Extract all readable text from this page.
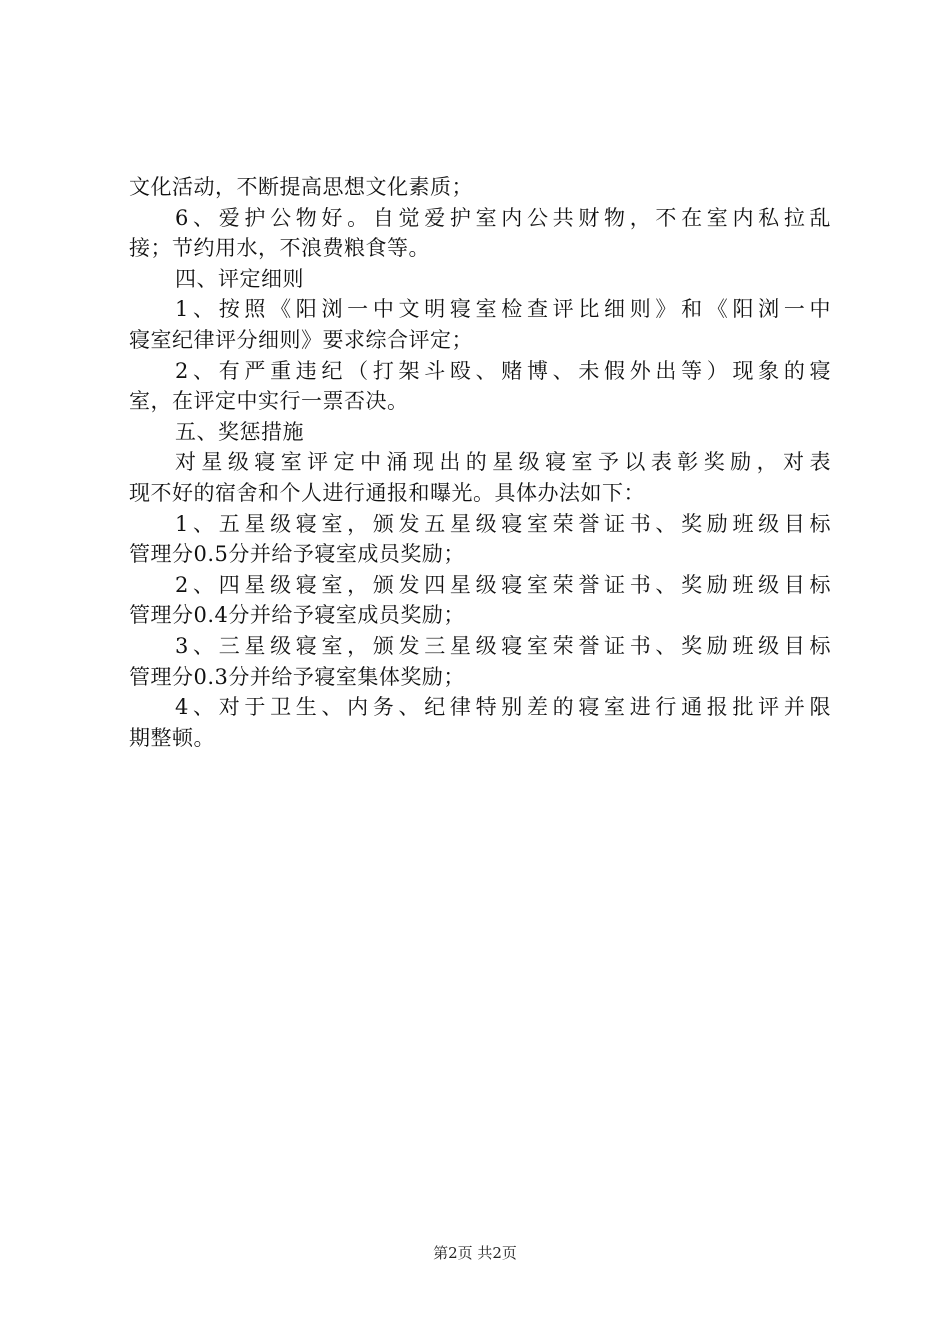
文化活动，不断提高思想文化素质；
6、爱护公物好。自觉爱护室内公共财物，不在室内私拉乱
接；节约用水，不浪费粮食等。
四、评定细则
1、按照《阳浏一中文明寝室检查评比细则》和《阳浏一中
寝室纪律评分细则》要求综合评定；
2、有严重违纪（打架斗殴、赌博、未假外出等）现象的寝
室，在评定中实行一票否决。
五、奖惩措施
对星级寝室评定中涌现出的星级寝室予以表彰奖励，对表
现不好的宿舍和个人进行通报和曝光。具体办法如下：
1、五星级寝室，颁发五星级寝室荣誉证书、奖励班级目标
管理分0.5分并给予寝室成员奖励；
2、四星级寝室，颁发四星级寝室荣誉证书、奖励班级目标
管理分0.4分并给予寝室成员奖励；
3、三星级寝室，颁发三星级寝室荣誉证书、奖励班级目标
管理分0.3分并给予寝室集体奖励；
4、对于卫生、内务、纪律特别差的寝室进行通报批评并限
期整顿。
第2页 共2页
